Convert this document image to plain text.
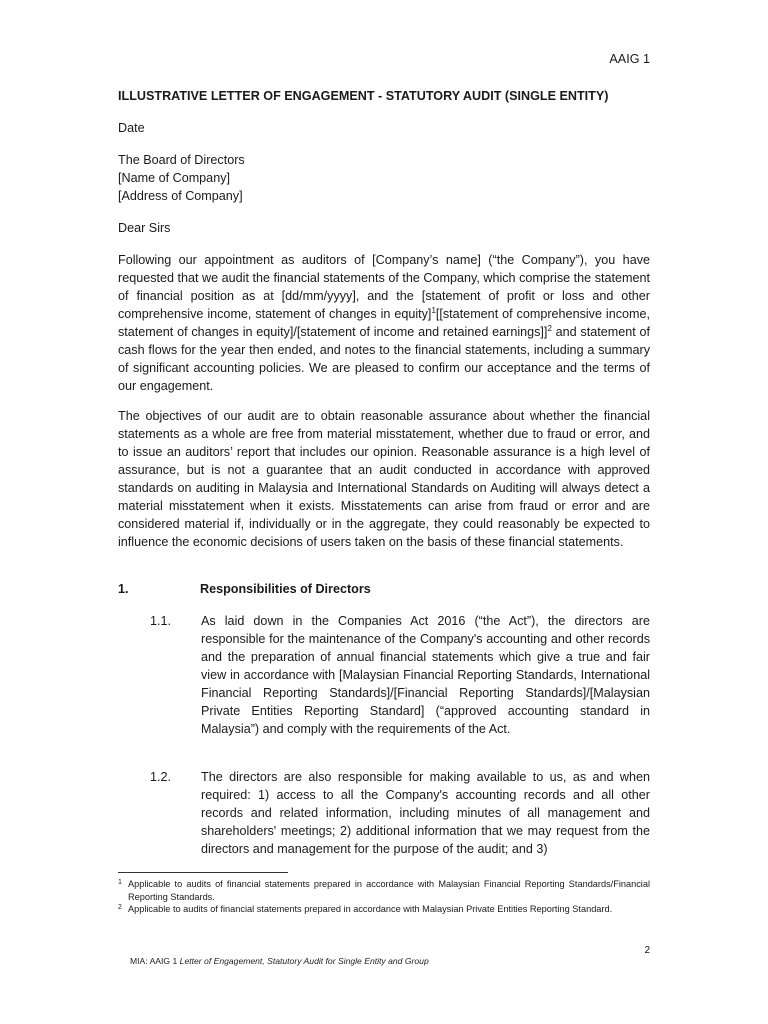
AAIG 1
ILLUSTRATIVE LETTER OF ENGAGEMENT - STATUTORY AUDIT (SINGLE ENTITY)
Date

The Board of Directors

[Name of Company]

[Address of Company]

Dear Sirs

Following our appointment as auditors of [Company’s name] (“the Company”), you have requested that we audit the financial statements of the Company, which comprise the statement of financial position as at [dd/mm/yyyy], and the [statement of profit or loss and other comprehensive income, statement of changes in equity]$^1$[[statement of comprehensive income, statement of changes in equity]/[statement of income and retained earnings]]$^2$ and statement of cash flows for the year then ended, and notes to the financial statements, including a summary of significant accounting policies. We are pleased to confirm our acceptance and the terms of our engagement.

The objectives of our audit are to obtain reasonable assurance about whether the financial statements as a whole are free from material misstatement, whether due to fraud or error, and to issue an auditors’ report that includes our opinion. Reasonable assurance is a high level of assurance, but is not a guarantee that an audit conducted in accordance with approved standards on auditing in Malaysia and International Standards on Auditing will always detect a material misstatement when it exists. Misstatements can arise from fraud or error and are considered material if, individually or in the aggregate, they could reasonably be expected to influence the economic decisions of users taken on the basis of these financial statements.

1.	Responsibilities of Directors
1.1. As laid down in the Companies Act 2016 (“the Act”), the directors are responsible for the maintenance of the Company's accounting and other records and the preparation of annual financial statements which give a true and fair view in accordance with [Malaysian Financial Reporting Standards, International Financial Reporting Standards]/[Financial Reporting Standards]/[Malaysian Private Entities Reporting Standard] (“approved accounting standard in Malaysia”) and comply with the requirements of the Act.
1.2. The directors are also responsible for making available to us, as and when required: 1) access to all the Company's accounting records and all other records and related information, including minutes of all management and shareholders' meetings; 2) additional information that we may request from the directors and management for the purpose of the audit; and 3)
1 Applicable to audits of financial statements prepared in accordance with Malaysian Financial Reporting Standards/Financial Reporting Standards.
2 Applicable to audits of financial statements prepared in accordance with Malaysian Private Entities Reporting Standard.
2
MIA: AAIG 1 Letter of Engagement, Statutory Audit for Single Entity and Group
